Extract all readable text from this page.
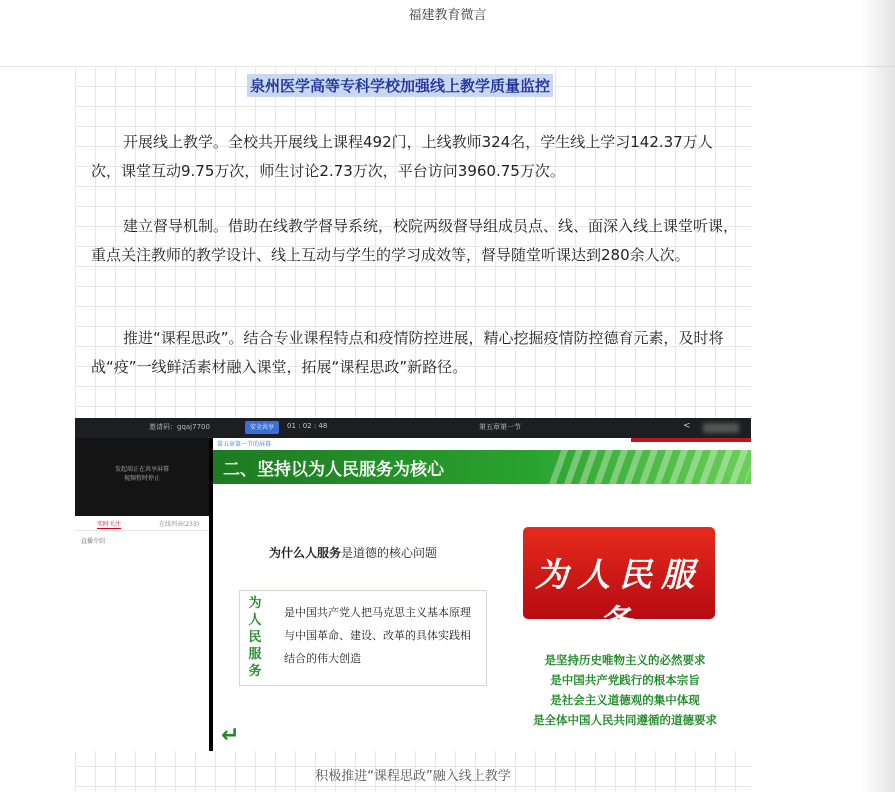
福建教育微言
泉州医学高等专科学校加强线上教学质量监控

开展线上教学。全校共开展线上课程492门，上线教师324名，学生线上学习142.37万人次，课堂互动9.75万次，师生讨论2.73万次，平台访问3960.75万次。

建立督导机制。借助在线教学督导系统，校院两级督导组成员点、线、面深入线上课堂听课，重点关注教师的教学设计、线上互动与学生的学习成效等，督导随堂听课达到280余人次。

推进“课程思政”。结合专业课程特点和疫情防控进展，精心挖掘疫情防控德育元素，及时将战“疫”一线鲜活素材融入课堂，拓展“课程思政”新路径。

邀请码：gqaj7700	安全共享	01 : 02 : 48	第五章第一节	<
发起端正在共享屏幕
视频暂时停止
实时关注	在线列表(233)
直播介绍
第五章第一节的屏幕
二、坚持以为人民服务为核心
为什么人服务是道德的核心问题
为人民服务
是中国共产党人把马克思主义基本原理与中国革命、建设、改革的具体实践相结合的伟大创造
为人民服务
是坚持历史唯物主义的必然要求
是中国共产党践行的根本宗旨
是社会主义道德观的集中体现
是全体中国人民共同遵循的道德要求
↵
积极推进“课程思政”融入线上教学
